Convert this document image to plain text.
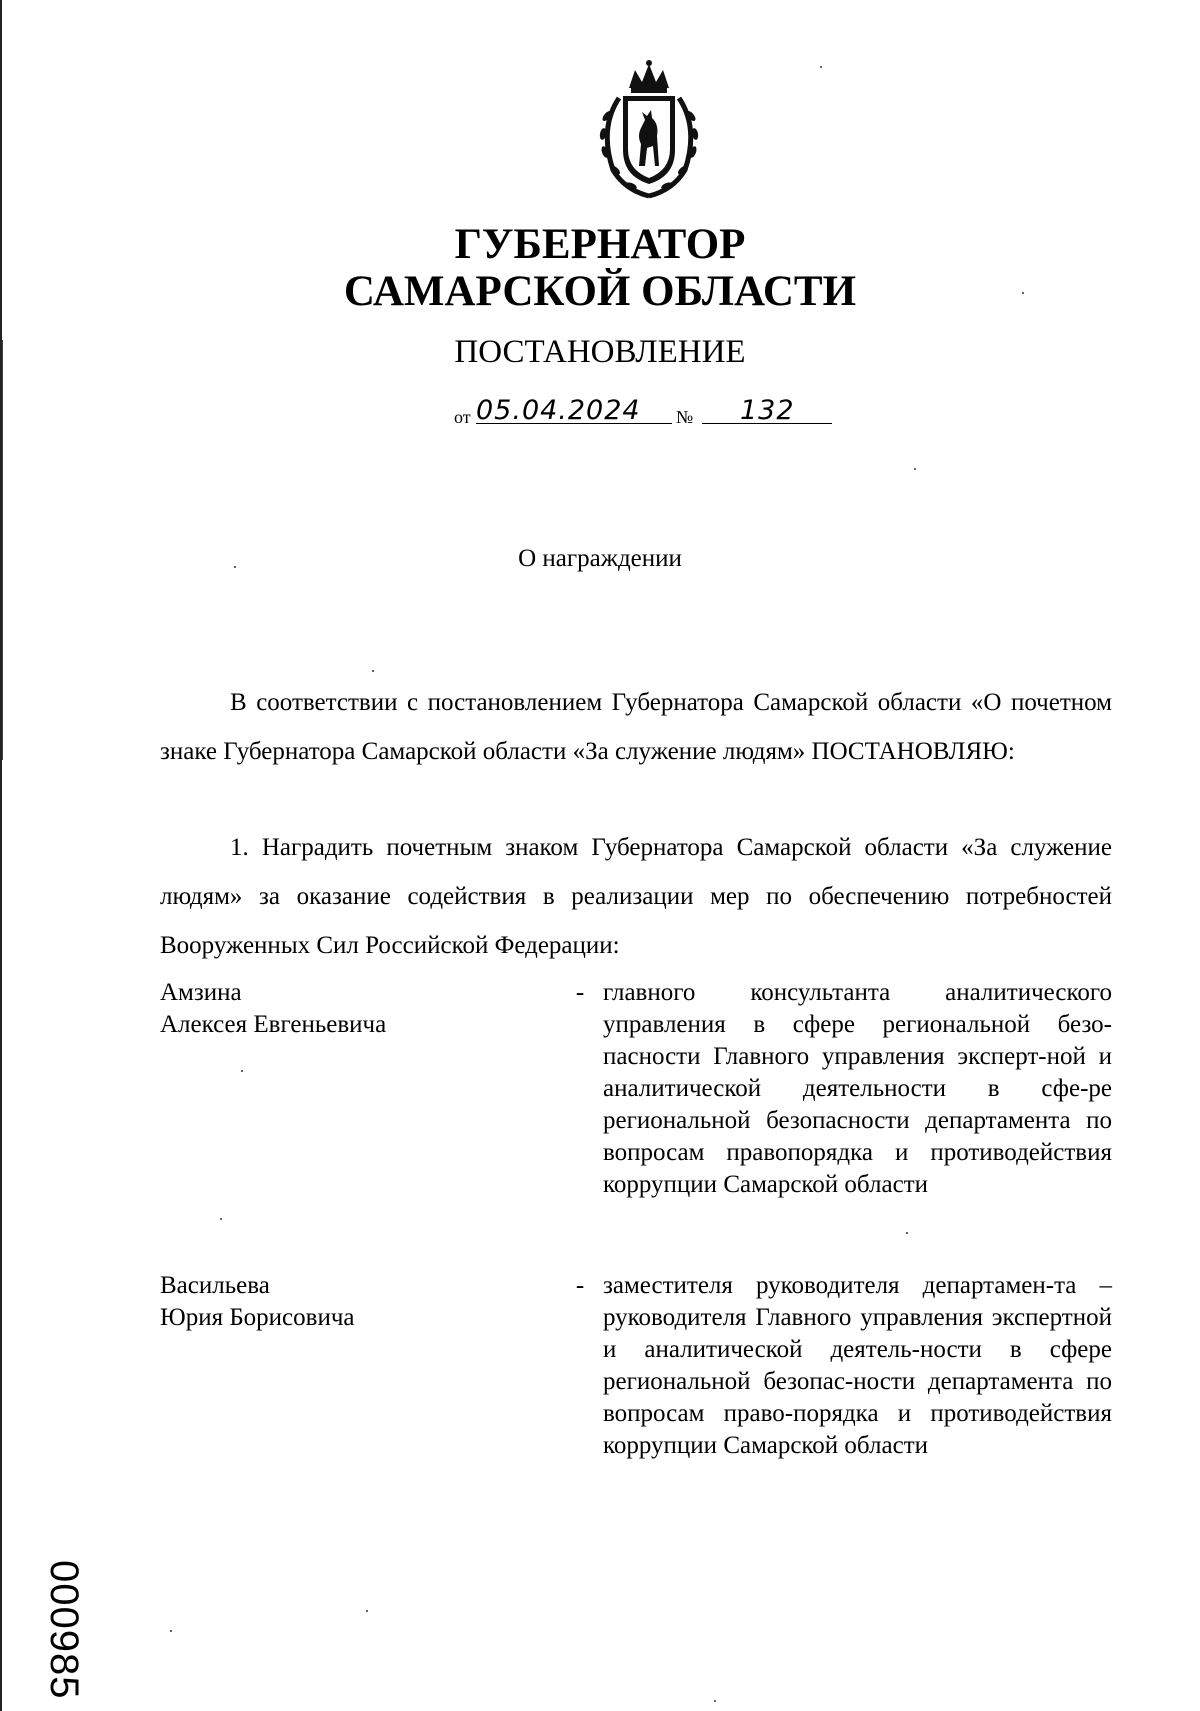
ГУБЕРНАТОР
САМАРСКОЙ ОБЛАСТИ
ПОСТАНОВЛЕНИЕ
от 05.04.2024 № 132
О награждении
В соответствии с постановлением Губернатора Самарской области «О почетном знаке Губернатора Самарской области «За служение людям» ПОСТАНОВЛЯЮ:
1. Наградить почетным знаком Губернатора Самарской области «За служение людям» за оказание содействия в реализации мер по обеспечению потребностей Вооруженных Сил Российской Федерации:
Амзина
Алексея Евгеньевича
- главного консультанта аналитического управления в сфере региональной безо-пасности Главного управления эксперт-ной и аналитической деятельности в сфе-ре региональной безопасности департамента по вопросам правопорядка и противодействия коррупции Самарской области
Васильева
Юрия Борисовича
- заместителя руководителя департамен-та – руководителя Главного управления экспертной и аналитической деятель-ности в сфере региональной безопас-ности департамента по вопросам право-порядка и противодействия коррупции Самарской области
000985
